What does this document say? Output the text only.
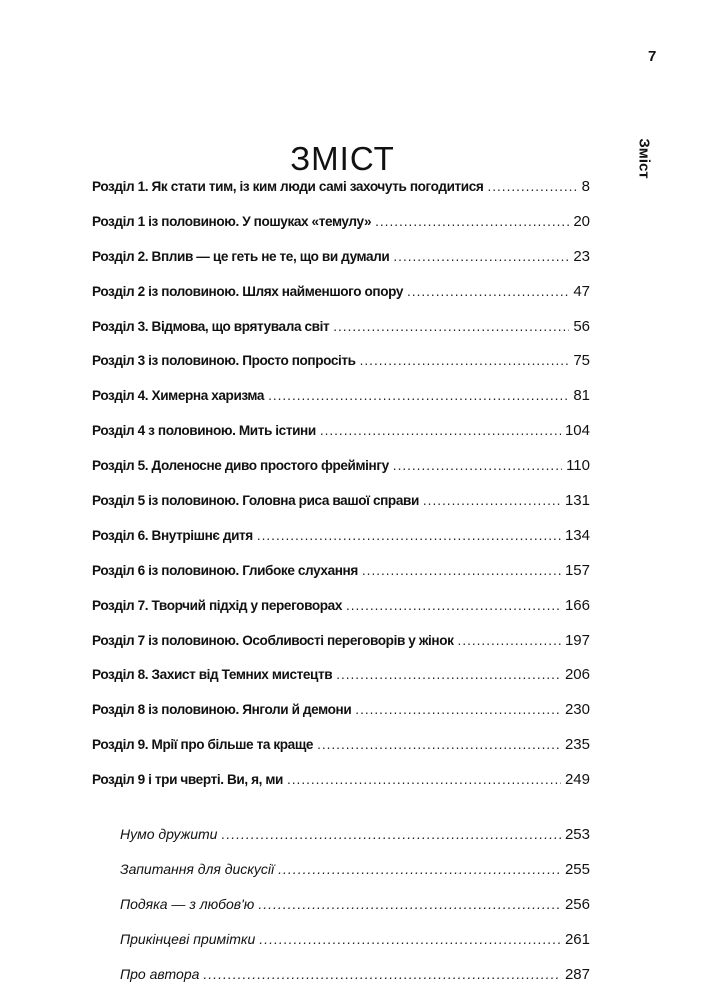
7
Зміст
ЗМІСТ
Розділ 1. Як стати тим, із ким люди самі захочуть погодитися .....	8
Розділ 1 із половиною. У пошуках «темулу» .....	20
Розділ 2. Вплив — це геть не те, що ви думали .....	23
Розділ 2 із половиною. Шлях найменшого опору .....	47
Розділ 3. Відмова, що врятувала світ .....	56
Розділ 3 із половиною. Просто попросіть .....	75
Розділ 4. Химерна харизма .....	81
Розділ 4 з половиною. Мить істини .....	104
Розділ 5. Доленосне диво простого фреймінгу .....	110
Розділ 5 із половиною. Головна риса вашої справи .....	131
Розділ 6. Внутрішнє дитя .....	134
Розділ 6 із половиною. Глибоке слухання .....	157
Розділ 7. Творчий підхід у переговорах .....	166
Розділ 7 із половиною. Особливості переговорів у жінок .....	197
Розділ 8. Захист від Темних мистецтв .....	206
Розділ 8 із половиною. Янголи й демони .....	230
Розділ 9. Мрії про більше та краще .....	235
Розділ 9 і три чверті. Ви, я, ми .....	249
Нумо дружити .....	253
Запитання для дискусії .....	255
Подяка — з любов'ю .....	256
Прикінцеві примітки .....	261
Про автора .....	287
